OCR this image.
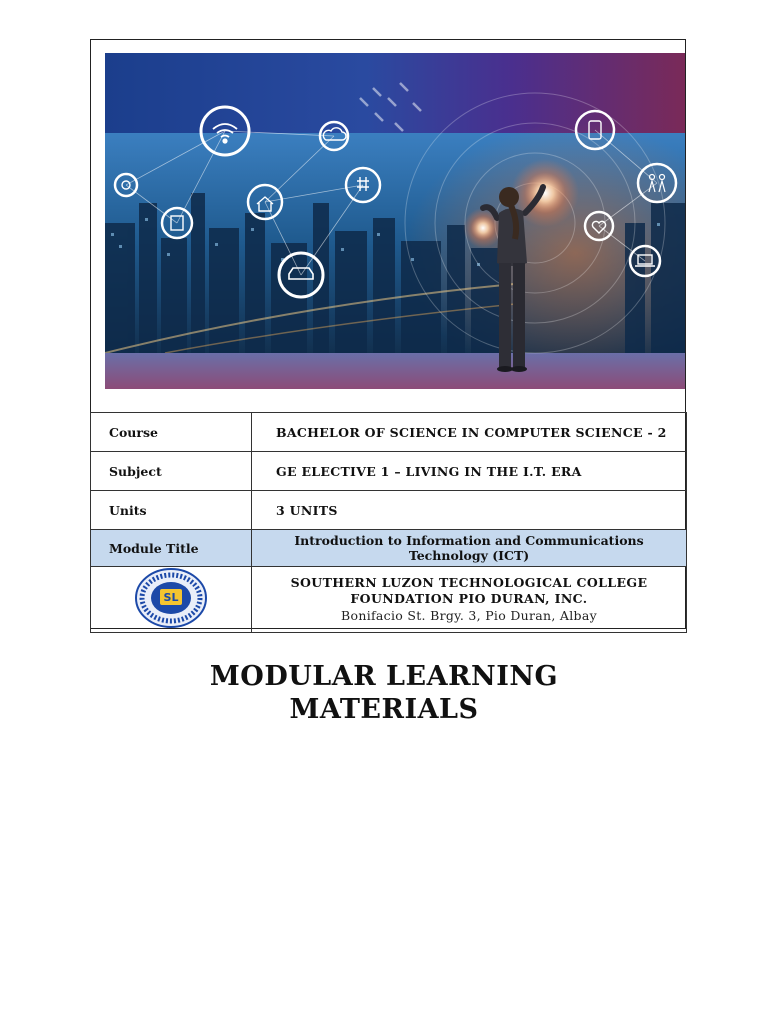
Course	BACHELOR OF SCIENCE IN COMPUTER SCIENCE - 2
Subject	GE ELECTIVE 1 – LIVING IN THE I.T. ERA
Units	3 UNITS
Module Title	Introduction to Information and Communications
Technology (ICT)

SL	SOUTHERN LUZON TECHNOLOGICAL COLLEGE
FOUNDATION PIO DURAN, INC.
Bonifacio St. Brgy. 3, Pio Duran, Albay
MODULAR LEARNING
MATERIALS
